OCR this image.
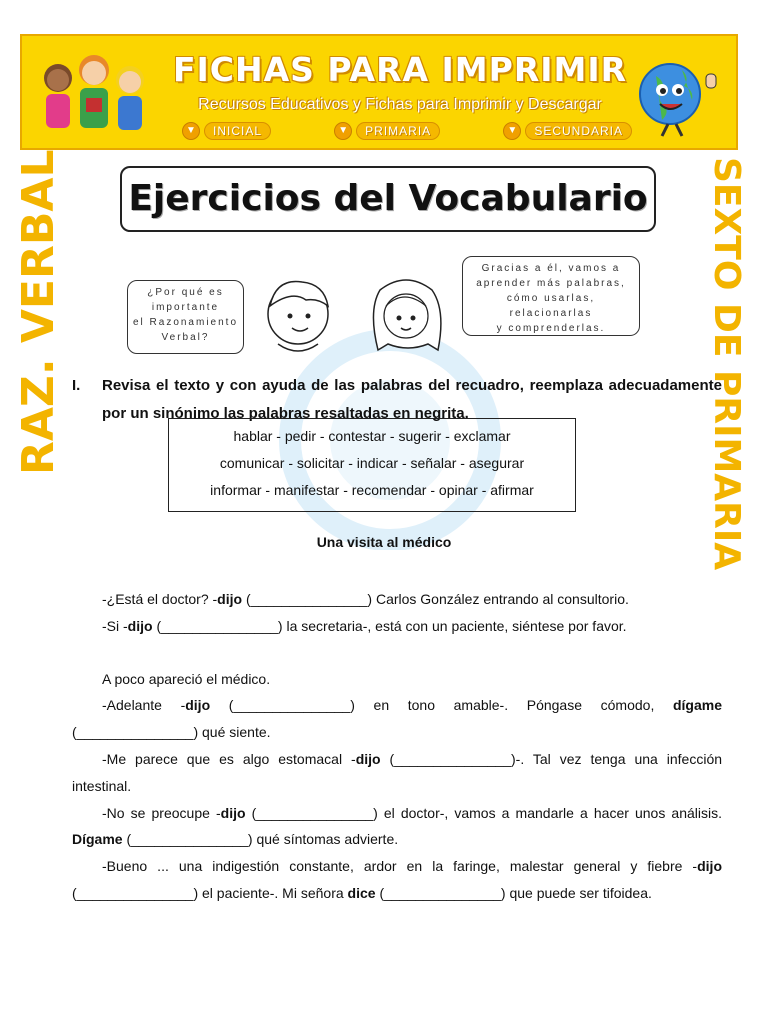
FICHAS PARA IMPRIMIR
Recursos Educativos y Fichas para Imprimir y Descargar
▼	INICIAL	▼	PRIMARIA	▼	SECUNDARIA
RAZ. VERBAL	SEXTO DE PRIMARIA
Ejercicios del Vocabulario
¿Por qué es
importante
el Razonamiento
Verbal?
Gracias a él, vamos a
aprender más palabras,
cómo usarlas, relacionarlas
y comprenderlas.
I. Revisa el texto y con ayuda de las palabras del recuadro, reemplaza adecuadamente por un sinónimo las palabras resaltadas en negrita.
hablar - pedir - contestar - sugerir - exclamar
comunicar - solicitar - indicar - señalar - asegurar
informar - manifestar - recomendar - opinar - afirmar
Una visita al médico

-¿Está el doctor? -dijo (_______________) Carlos González entrando al consultorio.

-Si -dijo (_______________) la secretaria-, está con un paciente, siéntese por favor.

A poco apareció el médico.

-Adelante -dijo (_______________) en tono amable-. Póngase cómodo, dígame (_______________) qué siente.

-Me parece que es algo estomacal -dijo (_______________)-. Tal vez tenga una infección intestinal.

-No se preocupe -dijo (_______________) el doctor-, vamos a mandarle a hacer unos análisis. Dígame (_______________) qué síntomas advierte.

-Bueno ... una indigestión constante, ardor en la faringe, malestar general y fiebre -dijo (_______________) el paciente-. Mi señora dice (_______________) que puede ser tifoidea.
